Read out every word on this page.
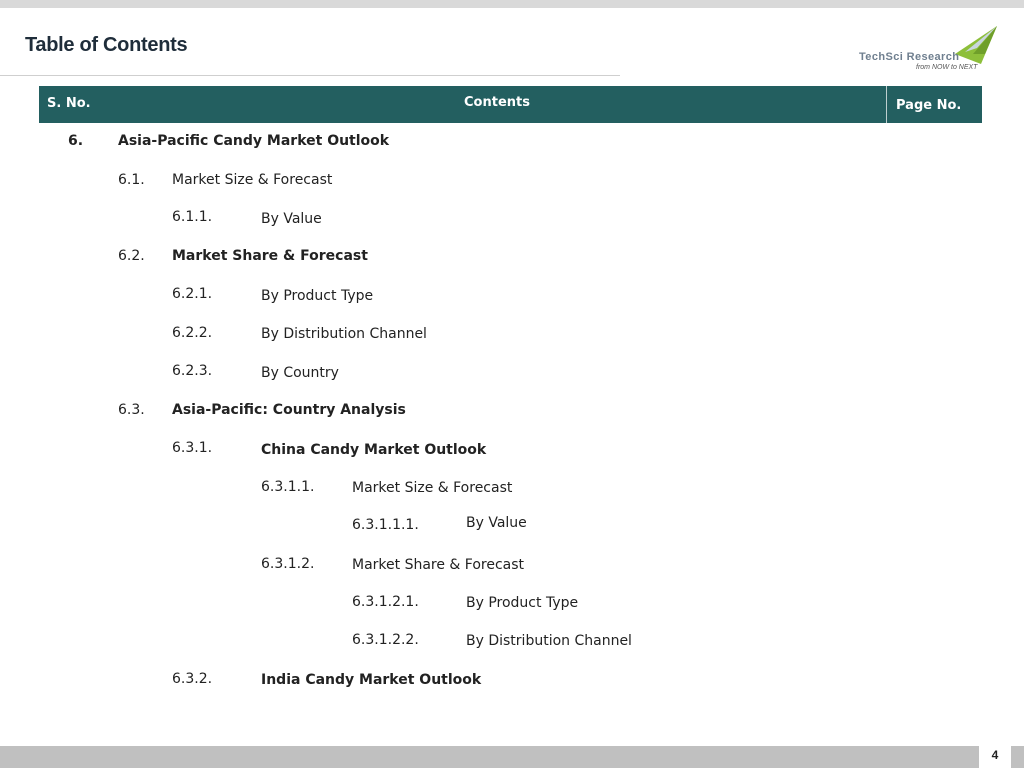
Table of Contents
TechSci Research
from NOW to NEXT
S. No.	Contents	Page No.
6. Asia-Pacific Candy Market Outlook
6.1. Market Size & Forecast
6.1.1.	By Value
6.2. Market Share & Forecast
6.2.1.	By Product Type
6.2.2.	By Distribution Channel
6.2.3.	By Country
6.3. Asia-Pacific: Country Analysis
6.3.1.	China Candy Market Outlook
6.3.1.1.	Market Size & Forecast
6.3.1.1.1.	By Value
6.3.1.2.	Market Share & Forecast
6.3.1.2.1.	By Product Type
6.3.1.2.2.	By Distribution Channel
6.3.2.	India Candy Market Outlook
4
